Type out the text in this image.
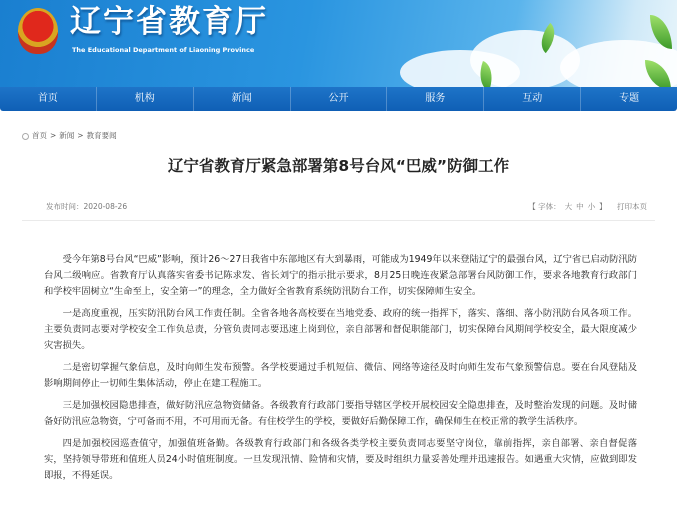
辽宁省教育厅
The Educational Department of Liaoning Province
首页	机构	新闻	公开	服务	互动	专题
首页 > 新闻 > 教育要闻
辽宁省教育厅紧急部署第8号台风“巴威”防御工作
发布时间：2020-08-26	【 字体： 大 中 小 】 打印本页

受今年第8号台风“巴威”影响，预计26～27日我省中东部地区有大到暴雨，可能成为1949年以来登陆辽宁的最强台风，辽宁省已启动防汛防台风二级响应。省教育厅认真落实省委书记陈求发、省长刘宁的指示批示要求，8月25日晚连夜紧急部署台风防御工作，要求各地教育行政部门和学校牢固树立“生命至上，安全第一”的理念，全力做好全省教育系统防汛防台工作，切实保障师生安全。

一是高度重视，压实防汛防台风工作责任制。全省各地各高校要在当地党委、政府的统一指挥下，落实、落细、落小防汛防台风各项工作。主要负责同志要对学校安全工作负总责，分管负责同志要迅速上岗到位，亲自部署和督促职能部门，切实保障台风期间学校安全，最大限度减少灾害损失。

二是密切掌握气象信息，及时向师生发布预警。各学校要通过手机短信、微信、网络等途径及时向师生发布气象预警信息。要在台风登陆及影响期间停止一切师生集体活动，停止在建工程施工。

三是加强校园隐患排查，做好防汛应急物资储备。各级教育行政部门要指导辖区学校开展校园安全隐患排查，及时整治发现的问题。及时储备好防汛应急物资，宁可备而不用，不可用而无备。有住校学生的学校，要做好后勤保障工作，确保师生在校正常的教学生活秩序。

四是加强校园巡查值守，加强值班备勤。各级教育行政部门和各级各类学校主要负责同志要坚守岗位，靠前指挥，亲自部署、亲自督促落实，坚持领导带班和值班人员24小时值班制度。一旦发现汛情、险情和灾情，要及时组织力量妥善处理并迅速报告。如遇重大灾情，应做到即发即报，不得延误。
